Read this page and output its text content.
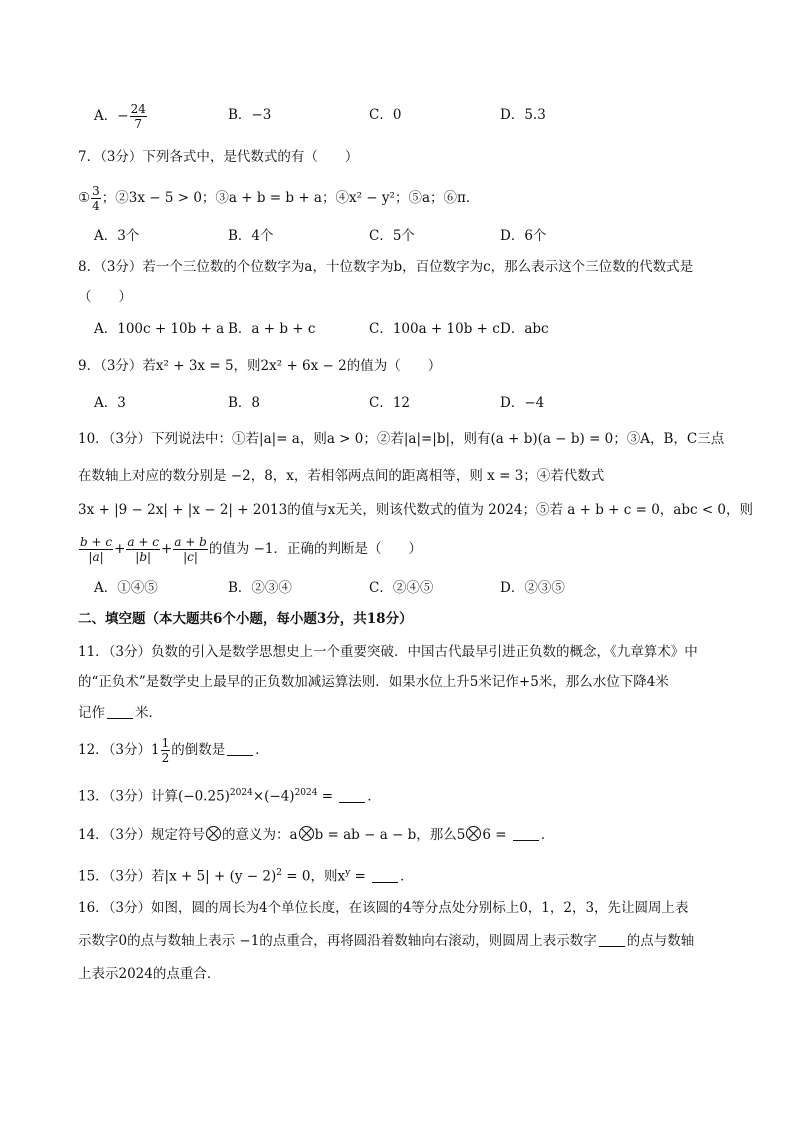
A．− $\frac{24}{7}$	B．−3	C．0	D．5.3
7．（3分）下列各式中，是代数式的有（　　）
① $\frac{3}{4}$ ；②3x − 5 > 0；③a + b = b + a；④x² − y²；⑤a；⑥π．
A．3个	B．4个	C．5个	D．6个
8．（3分）若一个三位数的个位数字为a，十位数字为b，百位数字为c，那么表示这个三位数的代数式是
（　　）
A．100c + 10b + a B．a + b + c	C．100a + 10b + c D．abc
9．（3分）若x² + 3x = 5，则2x² + 6x − 2的值为（　　）
A．3	B．8	C．12	D．−4
10．（3分）下列说法中：①若|a|= a，则a > 0；②若|a|=|b|，则有(a + b)(a − b) = 0；③A，B，C三点
在数轴上对应的数分别是 −2，8，x，若相邻两点间的距离相等，则 x = 3；④若代数式
3x + |9 − 2x| + |x − 2| + 2013的值与x无关，则该代数式的值为 2024；⑤若 a + b + c = 0，abc < 0，则
$\frac{b + c}{|a|} + \frac{a + c}{|b|} + \frac{a + b}{|c|}$ 的值为 −1．正确的判断是（　　）
A．①④⑤	B．②③④	C．②④⑤	D．②③⑤
二、填空题（本大题共6个小题，每小题3分，共18分）
11．（3分）负数的引入是数学思想史上一个重要突破．中国古代最早引进正负数的概念，《九章算术》中
的“正负术”是数学史上最早的正负数加减运算法则．如果水位上升5米记作+5米，那么水位下降4米
记作 米．
12．（3分）$1 \frac{1}{2}$ 的倒数是 ．
13．（3分）计算$(-0.25)^{2024}\times(-4)^{2024}$ = ．
14．（3分）规定符号 的意义为：a b = ab − a − b，那么5 6 = ．
15．（3分）若$|x + 5| + (y - 2)^2 = 0$，则$x^y$ = ．
16．（3分）如图，圆的周长为4个单位长度，在该圆的4等分点处分别标上0，1，2，3，先让圆周上表
示数字0的点与数轴上表示 −1的点重合，再将圆沿着数轴向右滚动，则圆周上表示数字 的点与数轴
上表示2024的点重合．
